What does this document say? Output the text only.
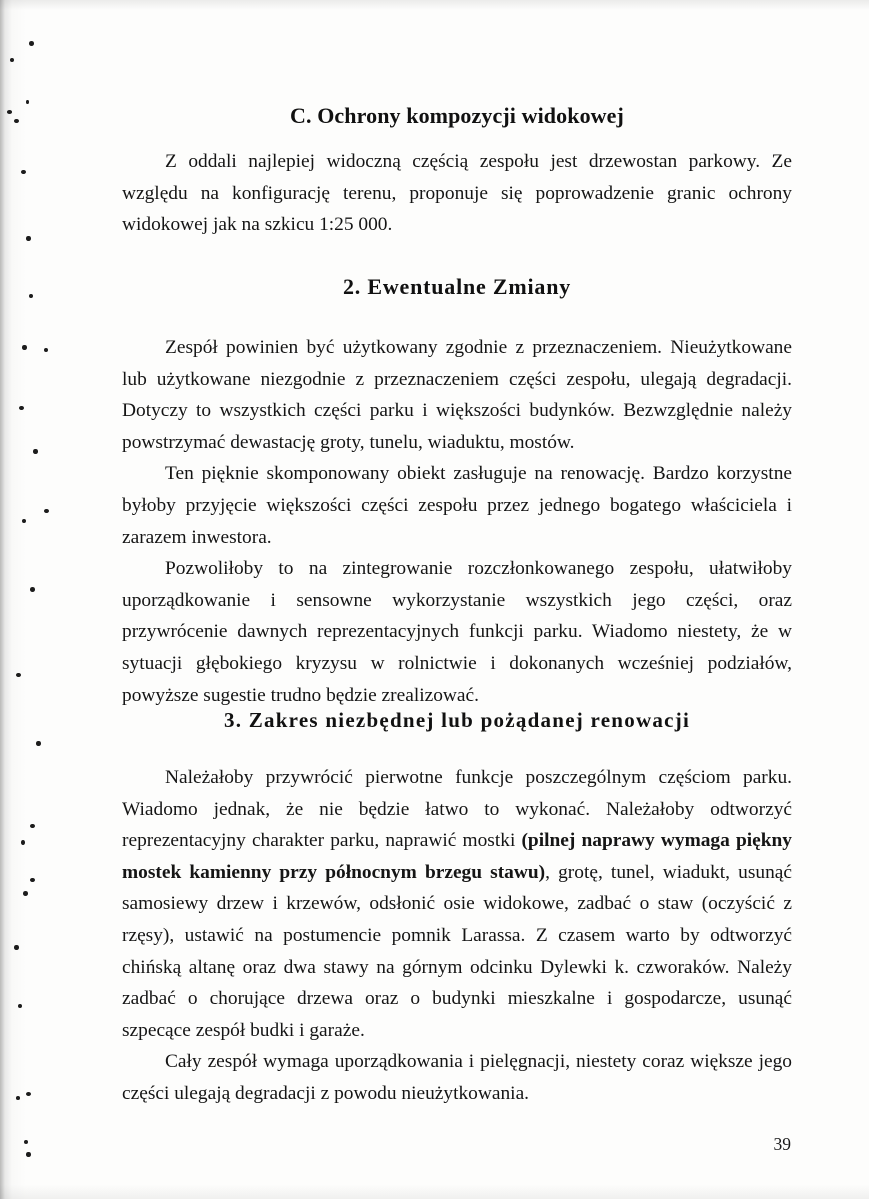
C. Ochrony kompozycji widokowej

Z oddali najlepiej widoczną częścią zespołu jest drzewostan parkowy. Ze względu na konfigurację terenu, proponuje się poprowadzenie granic ochrony widokowej jak na szkicu 1:25 000.

2. Ewentualne Zmiany

Zespół powinien być użytkowany zgodnie z przeznaczeniem. Nieużytkowane lub użytkowane niezgodnie z przeznaczeniem części zespołu, ulegają degradacji. Dotyczy to wszystkich części parku i większości budynków. Bezwzględnie należy powstrzymać dewastację groty, tunelu, wiaduktu, mostów.

Ten pięknie skomponowany obiekt zasługuje na renowację. Bardzo korzystne byłoby przyjęcie większości części zespołu przez jednego bogatego właściciela i zarazem inwestora.

Pozwoliłoby to na zintegrowanie rozczłonkowanego zespołu, ułatwiłoby uporządkowanie i sensowne wykorzystanie wszystkich jego części, oraz przywrócenie dawnych reprezentacyjnych funkcji parku. Wiadomo niestety, że w sytuacji głębokiego kryzysu w rolnictwie i dokonanych wcześniej podziałów, powyższe sugestie trudno będzie zrealizować.

3. Zakres niezbędnej lub pożądanej renowacji

Należałoby przywrócić pierwotne funkcje poszczególnym częściom parku. Wiadomo jednak, że nie będzie łatwo to wykonać. Należałoby odtworzyć reprezentacyjny charakter parku, naprawić mostki (pilnej naprawy wymaga piękny mostek kamienny przy północnym brzegu stawu), grotę, tunel, wiadukt, usunąć samosiewy drzew i krzewów, odsłonić osie widokowe, zadbać o staw (oczyścić z rzęsy), ustawić na postumencie pomnik Larassa. Z czasem warto by odtworzyć chińską altanę oraz dwa stawy na górnym odcinku Dylewki k. czworaków. Należy zadbać o chorujące drzewa oraz o budynki mieszkalne i gospodarcze, usunąć szpecące zespół budki i garaże.

Cały zespół wymaga uporządkowania i pielęgnacji, niestety coraz większe jego części ulegają degradacji z powodu nieużytkowania.

39
